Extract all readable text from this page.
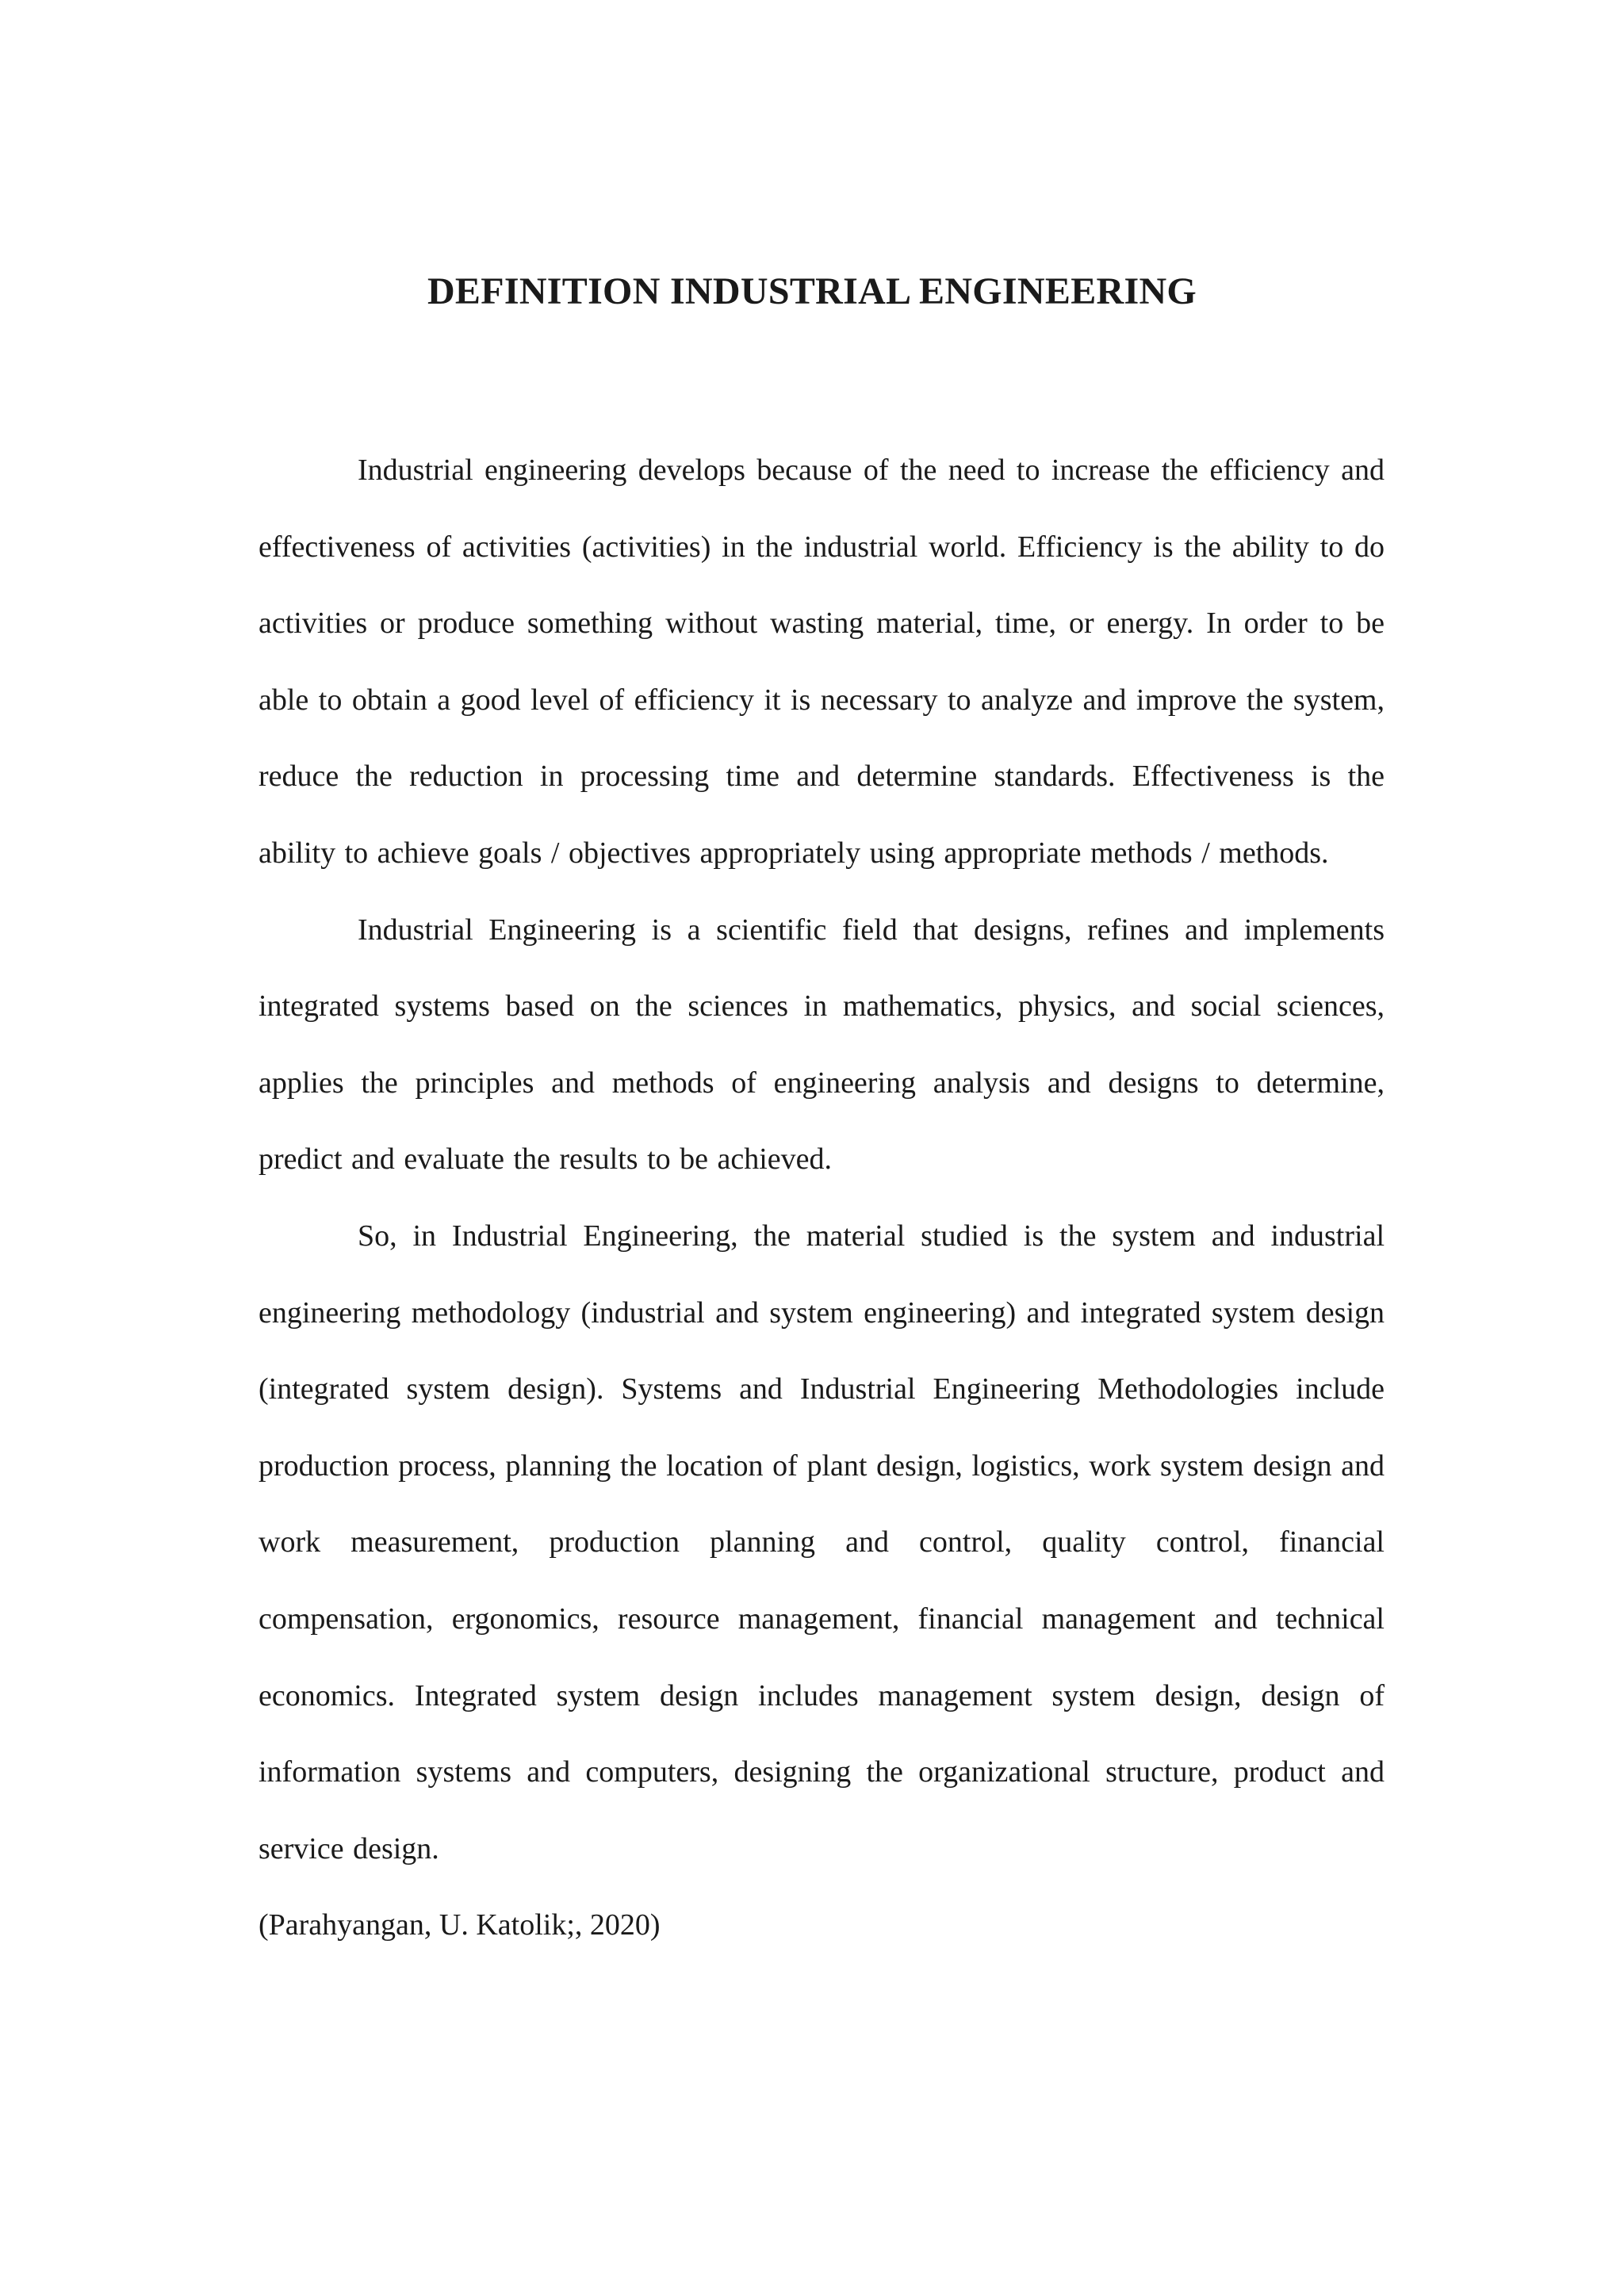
DEFINITION INDUSTRIAL ENGINEERING

Industrial engineering develops because of the need to increase the efficiency and effectiveness of activities (activities) in the industrial world. Efficiency is the ability to do activities or produce something without wasting material, time, or energy. In order to be able to obtain a good level of efficiency it is necessary to analyze and improve the system, reduce the reduction in processing time and determine standards. Effectiveness is the ability to achieve goals / objectives appropriately using appropriate methods / methods.

Industrial Engineering is a scientific field that designs, refines and implements integrated systems based on the sciences in mathematics, physics, and social sciences, applies the principles and methods of engineering analysis and designs to determine, predict and evaluate the results to be achieved.

So, in Industrial Engineering, the material studied is the system and industrial engineering methodology (industrial and system engineering) and integrated system design (integrated system design). Systems and Industrial Engineering Methodologies include production process, planning the location of plant design, logistics, work system design and work measurement, production planning and control, quality control, financial compensation, ergonomics, resource management, financial management and technical economics. Integrated system design includes management system design, design of information systems and computers, designing the organizational structure, product and service design.

(Parahyangan, U. Katolik;, 2020)
